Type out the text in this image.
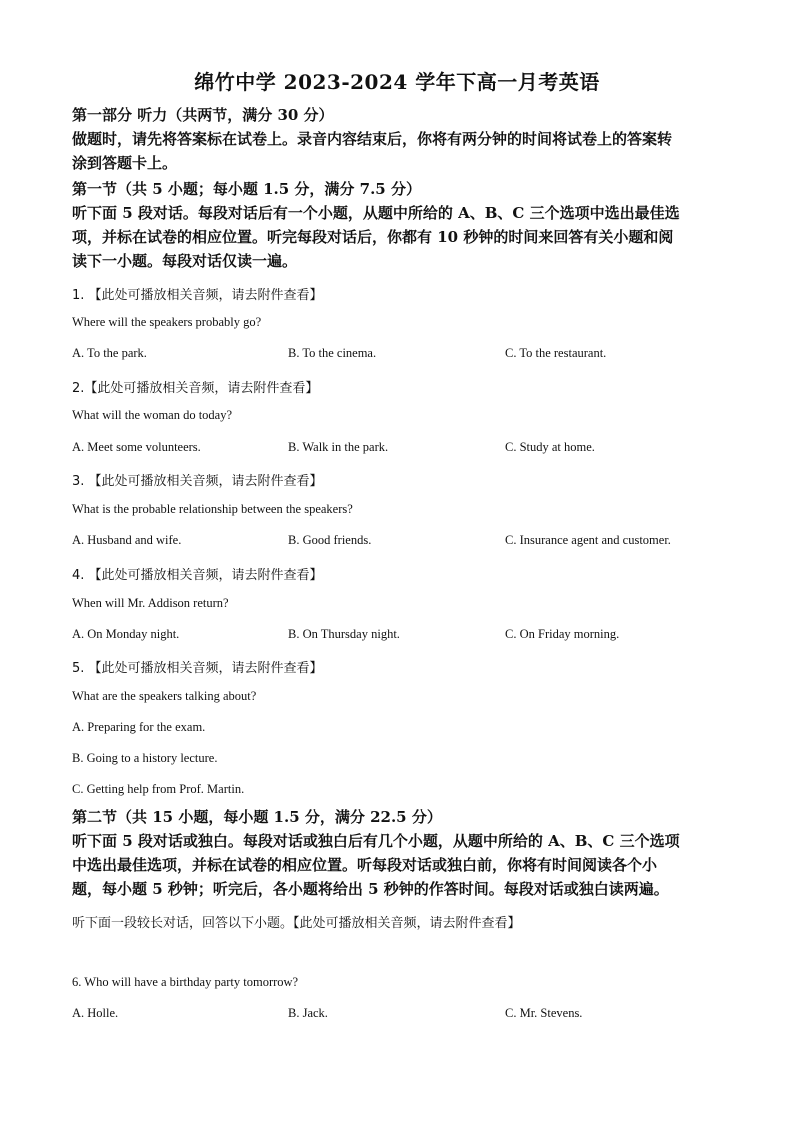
绵竹中学 2023-2024 学年下高一月考英语
第一部分 听力（共两节，满分 30 分）
做题时，请先将答案标在试卷上。录音内容结束后，你将有两分钟的时间将试卷上的答案转
涂到答题卡上。
第一节（共 5 小题；每小题 1.5 分，满分 7.5 分）
听下面 5 段对话。每段对话后有一个小题，从题中所给的 A、B、C 三个选项中选出最佳选
项，并标在试卷的相应位置。听完每段对话后，你都有 10 秒钟的时间来回答有关小题和阅
读下一小题。每段对话仅读一遍。
1. 【此处可播放相关音频，请去附件查看】
Where will the speakers probably go?
A. To the park.	B. To the cinema.	C. To the restaurant.
2.【此处可播放相关音频，请去附件查看】
What will the woman do today?
A. Meet some volunteers.	B. Walk in the park.	C. Study at home.
3. 【此处可播放相关音频，请去附件查看】
What is the probable relationship between the speakers?
A. Husband and wife.	B. Good friends.	C. Insurance agent and customer.
4. 【此处可播放相关音频，请去附件查看】
When will Mr. Addison return?
A. On Monday night.	B. On Thursday night.	C. On Friday morning.
5. 【此处可播放相关音频，请去附件查看】
What are the speakers talking about?
A. Preparing for the exam.
B. Going to a history lecture.
C. Getting help from Prof. Martin.
第二节（共 15 小题，每小题 1.5 分，满分 22.5 分）
听下面 5 段对话或独白。每段对话或独白后有几个小题，从题中所给的 A、B、C 三个选项
中选出最佳选项，并标在试卷的相应位置。听每段对话或独白前，你将有时间阅读各个小
题，每小题 5 秒钟；听完后，各小题将给出 5 秒钟的作答时间。每段对话或独白读两遍。
听下面一段较长对话，回答以下小题。【此处可播放相关音频，请去附件查看】
6. Who will have a birthday party tomorrow?
A. Holle.	B. Jack.	C. Mr. Stevens.
